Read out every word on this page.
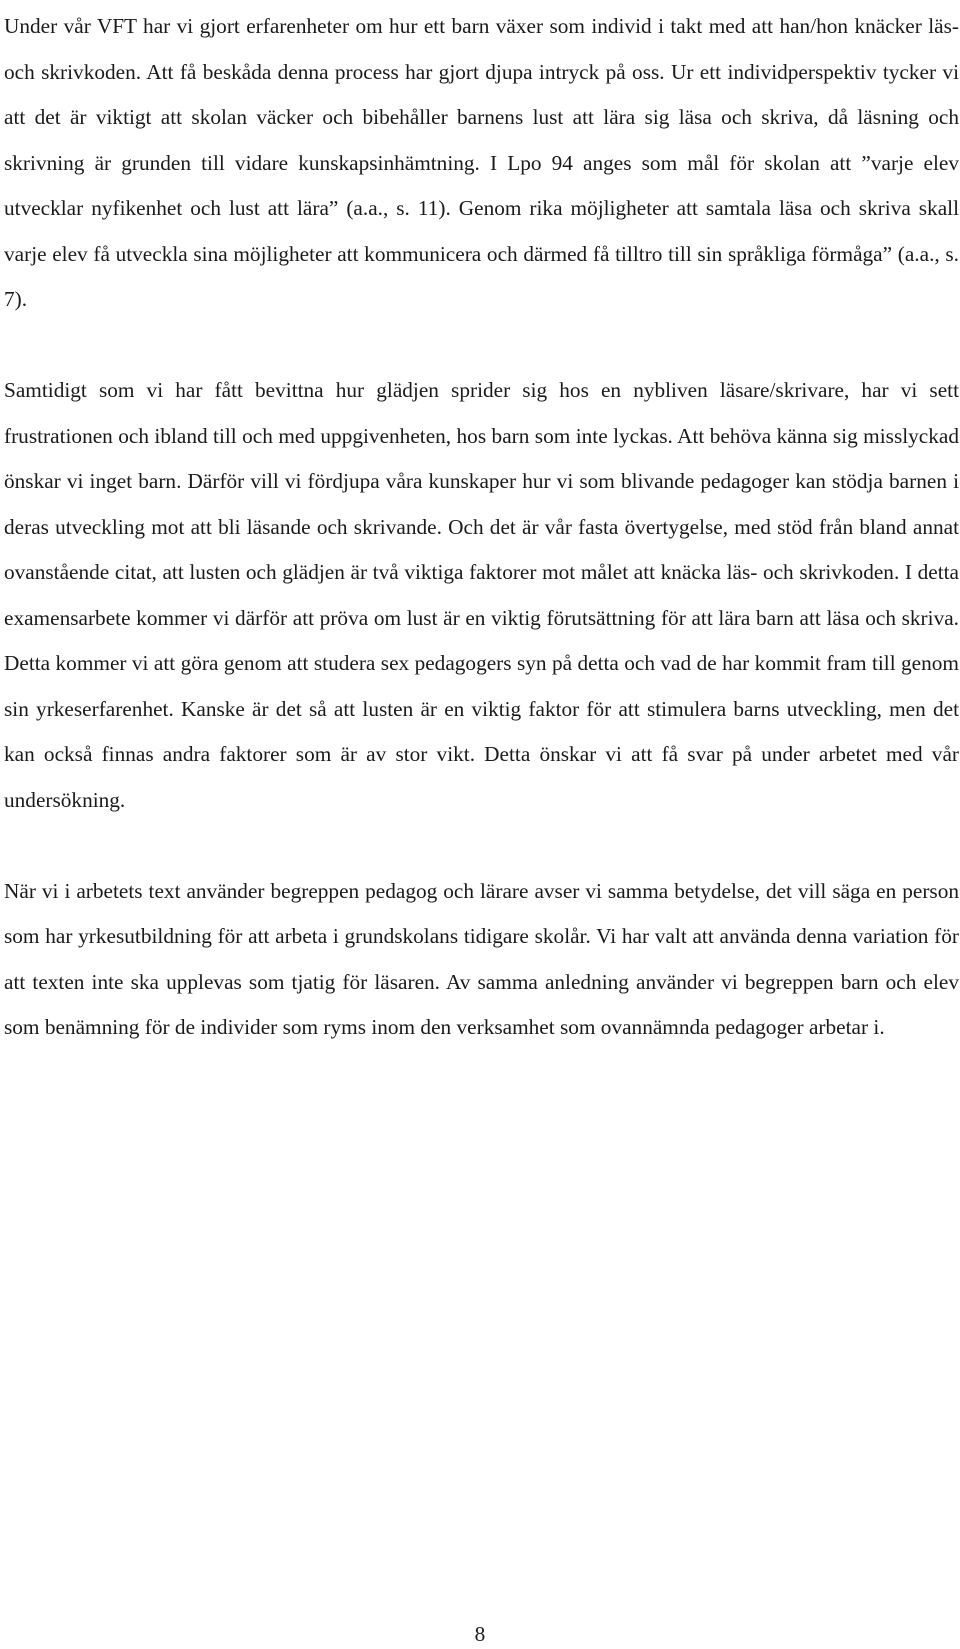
Under vår VFT har vi gjort erfarenheter om hur ett barn växer som individ i takt med att han/hon knäcker läs- och skrivkoden. Att få beskåda denna process har gjort djupa intryck på oss. Ur ett individperspektiv tycker vi att det är viktigt att skolan väcker och bibehåller barnens lust att lära sig läsa och skriva, då läsning och skrivning är grunden till vidare kunskapsinhämtning. I Lpo 94 anges som mål för skolan att ”varje elev utvecklar nyfikenhet och lust att lära” (a.a., s. 11). Genom rika möjligheter att samtala läsa och skriva skall varje elev få utveckla sina möjligheter att kommunicera och därmed få tilltro till sin språkliga förmåga” (a.a., s. 7).

Samtidigt som vi har fått bevittna hur glädjen sprider sig hos en nybliven läsare/skrivare, har vi sett frustrationen och ibland till och med uppgivenheten, hos barn som inte lyckas. Att behöva känna sig misslyckad önskar vi inget barn. Därför vill vi fördjupa våra kunskaper hur vi som blivande pedagoger kan stödja barnen i deras utveckling mot att bli läsande och skrivande. Och det är vår fasta övertygelse, med stöd från bland annat ovanstående citat, att lusten och glädjen är två viktiga faktorer mot målet att knäcka läs- och skrivkoden. I detta examensarbete kommer vi därför att pröva om lust är en viktig förutsättning för att lära barn att läsa och skriva. Detta kommer vi att göra genom att studera sex pedagogers syn på detta och vad de har kommit fram till genom sin yrkeserfarenhet. Kanske är det så att lusten är en viktig faktor för att stimulera barns utveckling, men det kan också finnas andra faktorer som är av stor vikt. Detta önskar vi att få svar på under arbetet med vår undersökning.

När vi i arbetets text använder begreppen pedagog och lärare avser vi samma betydelse, det vill säga en person som har yrkesutbildning för att arbeta i grundskolans tidigare skolår. Vi har valt att använda denna variation för att texten inte ska upplevas som tjatig för läsaren. Av samma anledning använder vi begreppen barn och elev som benämning för de individer som ryms inom den verksamhet som ovannämnda pedagoger arbetar i.

8
